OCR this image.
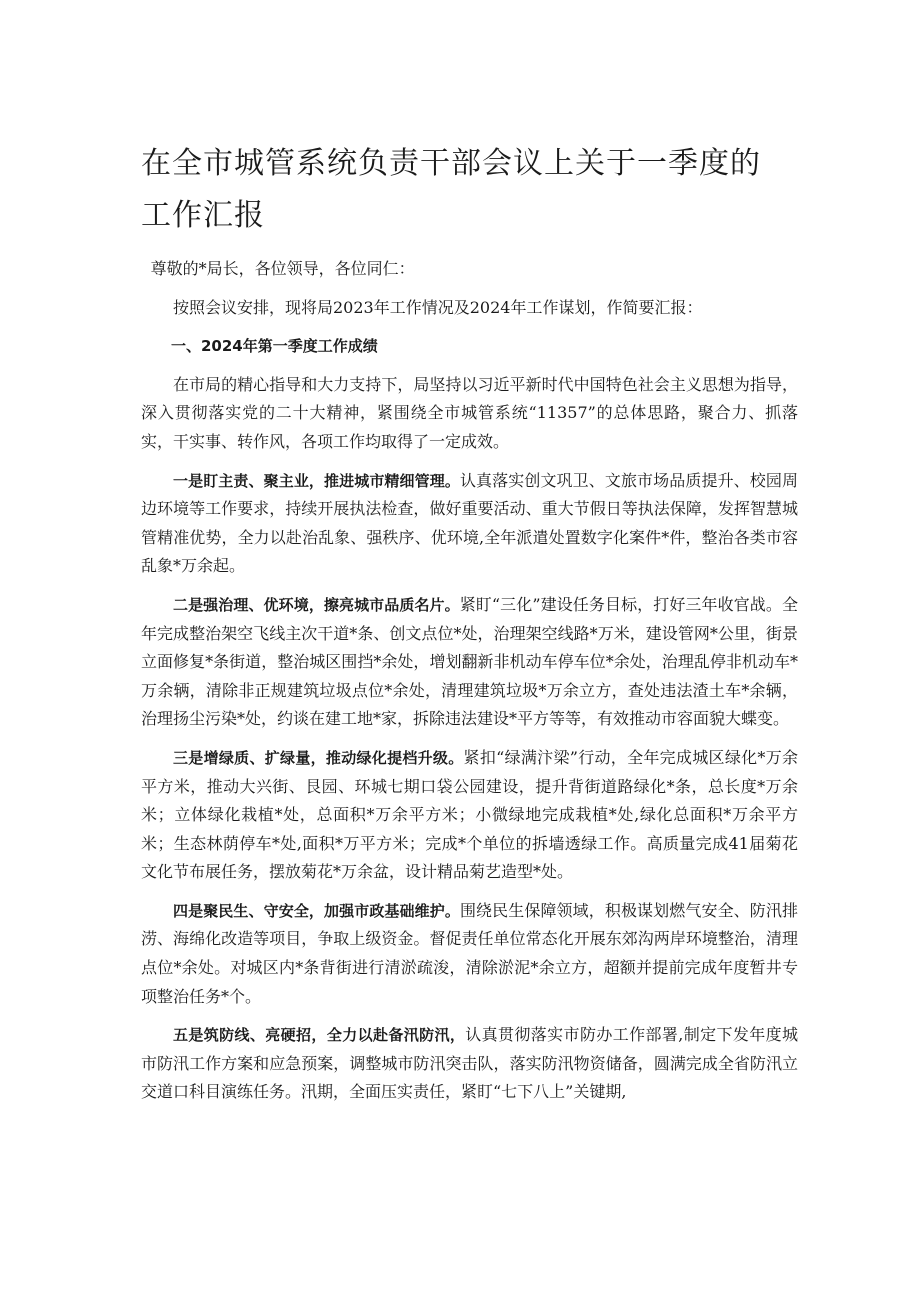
在全市城管系统负责干部会议上关于一季度的工作汇报

尊敬的*局长，各位领导，各位同仁：

按照会议安排，现将局2023年工作情况及2024年工作谋划，作简要汇报：

一、2024年第一季度工作成绩

在市局的精心指导和大力支持下，局坚持以习近平新时代中国特色社会主义思想为指导，深入贯彻落实党的二十大精神，紧围绕全市城管系统“11357”的总体思路，聚合力、抓落实，干实事、转作风，各项工作均取得了一定成效。

一是盯主责、聚主业，推进城市精细管理。认真落实创文巩卫、文旅市场品质提升、校园周边环境等工作要求，持续开展执法检查，做好重要活动、重大节假日等执法保障，发挥智慧城管精准优势，全力以赴治乱象、强秩序、优环境,全年派遣处置数字化案件*件，整治各类市容乱象*万余起。

二是强治理、优环境，擦亮城市品质名片。紧盯“三化”建设任务目标，打好三年收官战。全年完成整治架空飞线主次干道*条、创文点位*处，治理架空线路*万米，建设管网*公里，街景立面修复*条街道，整治城区围挡*余处，增划翻新非机动车停车位*余处，治理乱停非机动车*万余辆，清除非正规建筑垃圾点位*余处，清理建筑垃圾*万余立方，查处违法渣土车*余辆，治理扬尘污染*处，约谈在建工地*家，拆除违法建设*平方等等，有效推动市容面貌大蝶变。

三是增绿质、扩绿量，推动绿化提档升级。紧扣“绿满汴梁”行动，全年完成城区绿化*万余平方米，推动大兴街、艮园、环城七期口袋公园建设，提升背街道路绿化*条，总长度*万余米；立体绿化栽植*处，总面积*万余平方米；小微绿地完成栽植*处,绿化总面积*万余平方米；生态林荫停车*处,面积*万平方米；完成*个单位的拆墙透绿工作。高质量完成41届菊花文化节布展任务，摆放菊花*万余盆，设计精品菊艺造型*处。

四是聚民生、守安全，加强市政基础维护。围绕民生保障领域，积极谋划燃气安全、防汛排涝、海绵化改造等项目，争取上级资金。督促责任单位常态化开展东郊沟两岸环境整治，清理点位*余处。对城区内*条背街进行清淤疏浚，清除淤泥*余立方，超额并提前完成年度暂井专项整治任务*个。

五是筑防线、亮硬招，全力以赴备汛防汛，认真贯彻落实市防办工作部署,制定下发年度城市防汛工作方案和应急预案，调整城市防汛突击队，落实防汛物资储备，圆满完成全省防汛立交道口科目演练任务。汛期，全面压实责任，紧盯“七下八上”关键期,
